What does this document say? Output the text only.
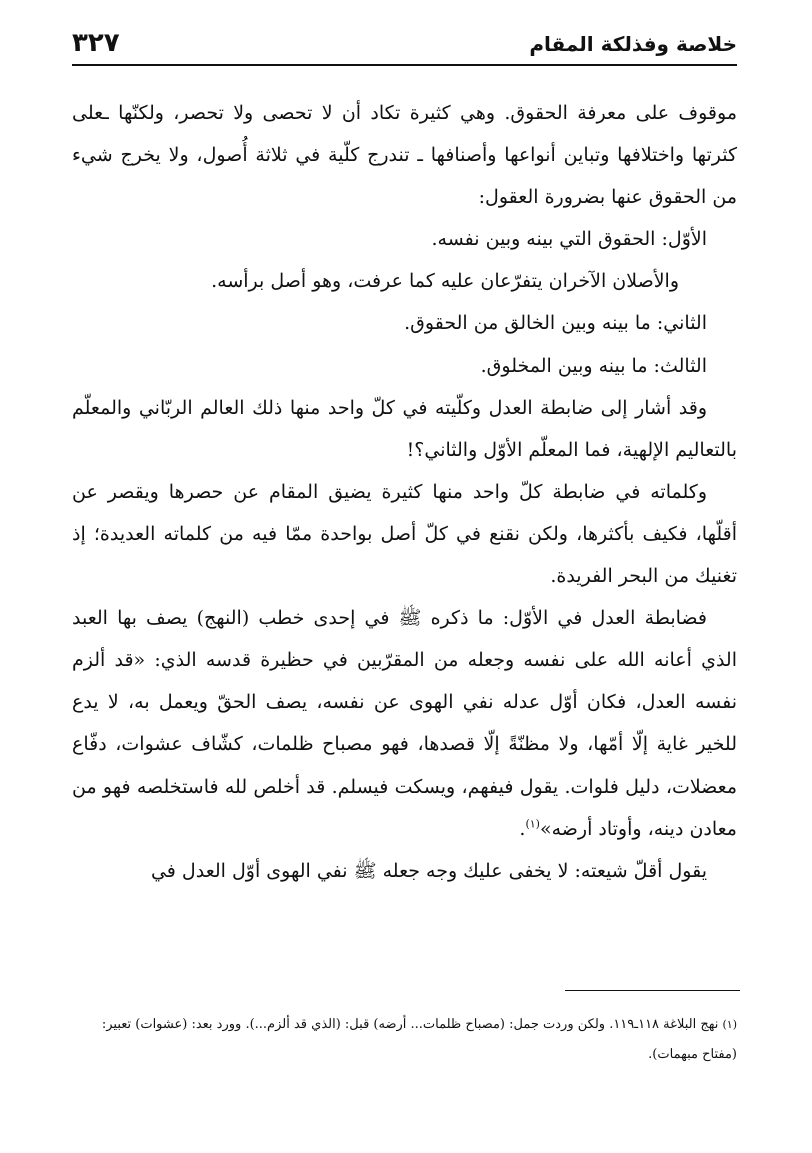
خلاصة وفذلكة المقام
٣٢٧

موقوف على معرفة الحقوق. وهي كثيرة تكاد أن لا تحصى ولا تحصر، ولكنّها ـعلى كثرتها واختلافها وتباين أنواعها وأصنافها ـ تندرج كلّية في ثلاثة أُصول، ولا يخرج شيء من الحقوق عنها بضرورة العقول:

الأوّل: الحقوق التي بينه وبين نفسه.

والأصلان الآخران يتفرّعان عليه كما عرفت، وهو أصل برأسه.

الثاني: ما بينه وبين الخالق من الحقوق.

الثالث: ما بينه وبين المخلوق.

وقد أشار إلى ضابطة العدل وكلّيته في كلّ واحد منها ذلك العالم الربّاني والمعلّم بالتعاليم الإلهية، فما المعلّم الأوّل والثاني؟!

وكلماته في ضابطة كلّ واحد منها كثيرة يضيق المقام عن حصرها ويقصر عن أقلّها، فكيف بأكثرها، ولكن نقنع في كلّ أصل بواحدة ممّا فيه من كلماته العديدة؛ إذ تغنيك من البحر الفريدة.

فضابطة العدل في الأوّل: ما ذكره ﷺ في إحدى خطب (النهج) يصف بها العبد الذي أعانه الله على نفسه وجعله من المقرّبين في حظيرة قدسه الذي: «قد ألزم نفسه العدل، فكان أوّل عدله نفي الهوى عن نفسه، يصف الحقّ ويعمل به، لا يدع للخير غاية إلّا أمّها، ولا مظنّةً إلّا قصدها، فهو مصباح ظلمات، كشّاف عشوات، دفّاع معضلات، دليل فلوات. يقول فيفهم، ويسكت فيسلم. قد أخلص لله فاستخلصه فهو من معادن دينه، وأوتاد أرضه»$^{(١)}$.

يقول أقلّ شيعته: لا يخفى عليك وجه جعله ﷺ نفي الهوى أوّل العدل في

(١) نهج البلاغة ١١٨ـ١١٩. ولكن وردت جمل: (مصباح ظلمات... أرضه) قبل: (الذي قد ألزم...). وورد بعد: (عشوات) تعبير: (مفتاح مبهمات).
